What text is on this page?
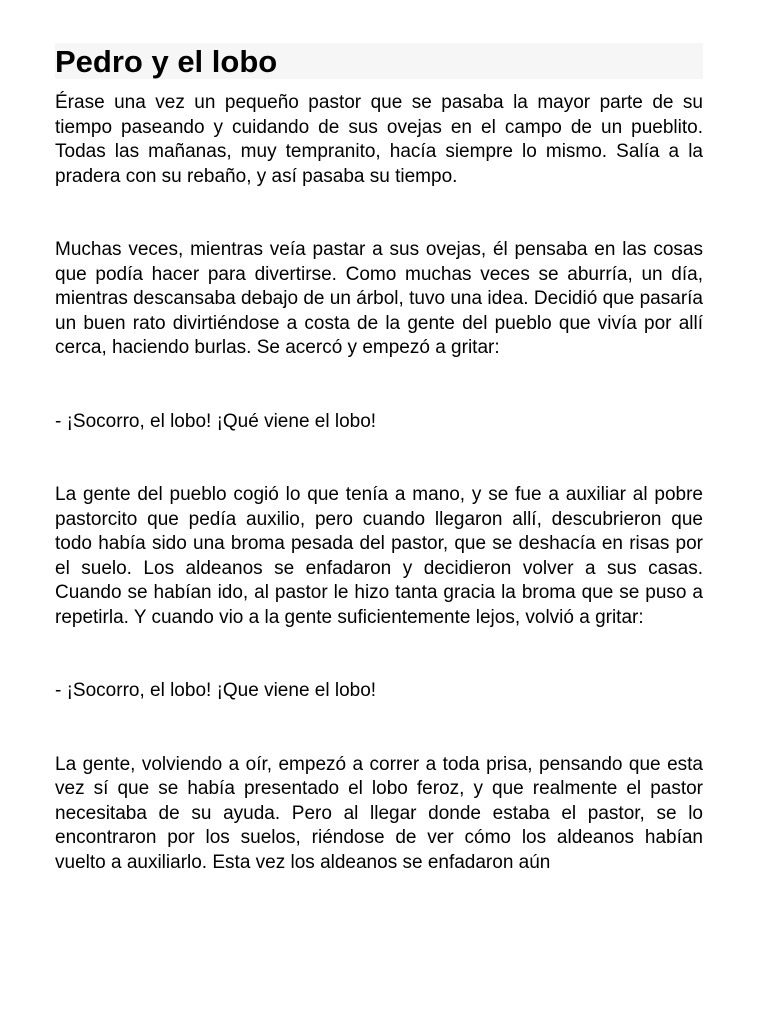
Pedro y el lobo

Érase una vez un pequeño pastor que se pasaba la mayor parte de su tiempo paseando y cuidando de sus ovejas en el campo de un pueblito. Todas las mañanas, muy tempranito, hacía siempre lo mismo. Salía a la pradera con su rebaño, y así pasaba su tiempo.

Muchas veces, mientras veía pastar a sus ovejas, él pensaba en las cosas que podía hacer para divertirse. Como muchas veces se aburría, un día, mientras descansaba debajo de un árbol, tuvo una idea. Decidió que pasaría un buen rato divirtiéndose a costa de la gente del pueblo que vivía por allí cerca, haciendo burlas. Se acercó y empezó a gritar:

- ¡Socorro, el lobo! ¡Qué viene el lobo!

La gente del pueblo cogió lo que tenía a mano, y se fue a auxiliar al pobre pastorcito que pedía auxilio, pero cuando llegaron allí, descubrieron que todo había sido una broma pesada del pastor, que se deshacía en risas por el suelo. Los aldeanos se enfadaron y decidieron volver a sus casas. Cuando se habían ido, al pastor le hizo tanta gracia la broma que se puso a repetirla. Y cuando vio a la gente suficientemente lejos, volvió a gritar:

- ¡Socorro, el lobo! ¡Que viene el lobo!

La gente, volviendo a oír, empezó a correr a toda prisa, pensando que esta vez sí que se había presentado el lobo feroz, y que realmente el pastor necesitaba de su ayuda. Pero al llegar donde estaba el pastor, se lo encontraron por los suelos, riéndose de ver cómo los aldeanos habían vuelto a auxiliarlo. Esta vez los aldeanos se enfadaron aún
